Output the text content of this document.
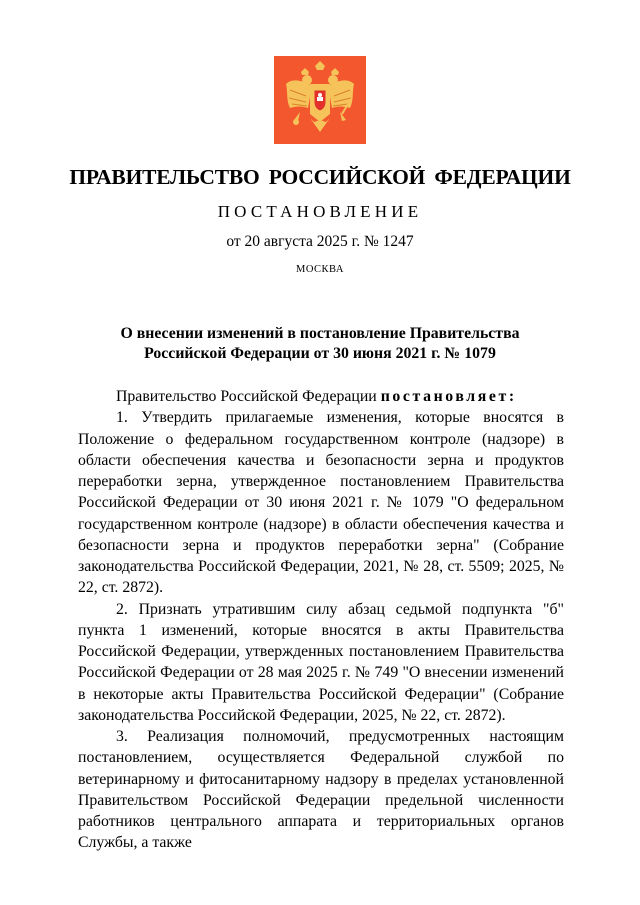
ПРАВИТЕЛЬСТВО РОССИЙСКОЙ ФЕДЕРАЦИИ
ПОСТАНОВЛЕНИЕ
от 20 августа 2025 г. № 1247
МОСКВА
О внесении изменений в постановление Правительства
Российской Федерации от 30 июня 2021 г. № 1079

Правительство Российской Федерации постановляет:

1. Утвердить прилагаемые изменения, которые вносятся в Положение о федеральном государственном контроле (надзоре) в области обеспечения качества и безопасности зерна и продуктов переработки зерна, утвержденное постановлением Правительства Российской Федерации от 30 июня 2021 г. № 1079 "О федеральном государственном контроле (надзоре) в области обеспечения качества и безопасности зерна и продуктов переработки зерна" (Собрание законодательства Российской Федерации, 2021, № 28, ст. 5509; 2025, № 22, ст. 2872).

2. Признать утратившим силу абзац седьмой подпункта "б" пункта 1 изменений, которые вносятся в акты Правительства Российской Федерации, утвержденных постановлением Правительства Российской Федерации от 28 мая 2025 г. № 749 "О внесении изменений в некоторые акты Правительства Российской Федерации" (Собрание законодательства Российской Федерации, 2025, № 22, ст. 2872).

3. Реализация полномочий, предусмотренных настоящим постановлением, осуществляется Федеральной службой по ветеринарному и фитосанитарному надзору в пределах установленной Правительством Российской Федерации предельной численности работников центрального аппарата и территориальных органов Службы, а также
